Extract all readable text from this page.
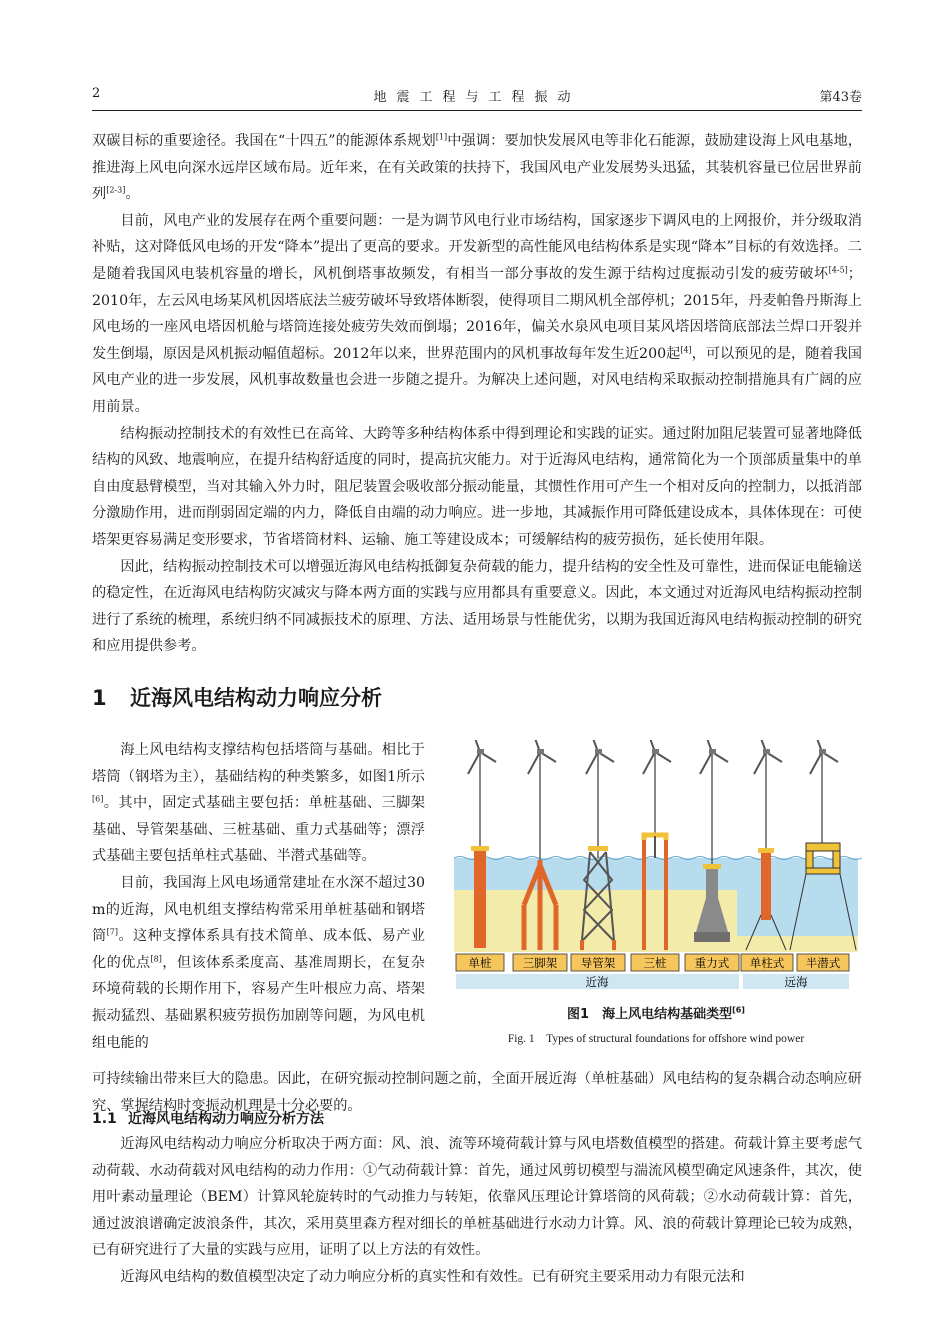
2	地震工程与工程振动	第43卷

双碳目标的重要途径。我国在“十四五”的能源体系规划[1]中强调：要加快发展风电等非化石能源，鼓励建设海上风电基地，推进海上风电向深水远岸区域布局。近年来，在有关政策的扶持下，我国风电产业发展势头迅猛，其装机容量已位居世界前列[2-3]。

目前，风电产业的发展存在两个重要问题：一是为调节风电行业市场结构，国家逐步下调风电的上网报价，并分级取消补贴，这对降低风电场的开发“降本”提出了更高的要求。开发新型的高性能风电结构体系是实现“降本”目标的有效选择。二是随着我国风电装机容量的增长，风机倒塔事故频发，有相当一部分事故的发生源于结构过度振动引发的疲劳破坏[4-5]；2010年，左云风电场某风机因塔底法兰疲劳破坏导致塔体断裂，使得项目二期风机全部停机；2015年，丹麦帕鲁丹斯海上风电场的一座风电塔因机舱与塔筒连接处疲劳失效而倒塌；2016年，偏关水泉风电项目某风塔因塔筒底部法兰焊口开裂并发生倒塌，原因是风机振动幅值超标。2012年以来，世界范围内的风机事故每年发生近200起[4]，可以预见的是，随着我国风电产业的进一步发展，风机事故数量也会进一步随之提升。为解决上述问题，对风电结构采取振动控制措施具有广阔的应用前景。

结构振动控制技术的有效性已在高耸、大跨等多种结构体系中得到理论和实践的证实。通过附加阻尼装置可显著地降低结构的风致、地震响应，在提升结构舒适度的同时，提高抗灾能力。对于近海风电结构，通常简化为一个顶部质量集中的单自由度悬臂模型，当对其输入外力时，阻尼装置会吸收部分振动能量，其惯性作用可产生一个相对反向的控制力，以抵消部分激励作用，进而削弱固定端的内力，降低自由端的动力响应。进一步地，其减振作用可降低建设成本，具体体现在：可使塔架更容易满足变形要求，节省塔筒材料、运输、施工等建设成本；可缓解结构的疲劳损伤，延长使用年限。

因此，结构振动控制技术可以增强近海风电结构抵御复杂荷载的能力，提升结构的安全性及可靠性，进而保证电能输送的稳定性，在近海风电结构防灾减灾与降本两方面的实践与应用都具有重要意义。因此，本文通过对近海风电结构振动控制进行了系统的梳理，系统归纳不同减振技术的原理、方法、适用场景与性能优劣，以期为我国近海风电结构振动控制的研究和应用提供参考。

1 近海风电结构动力响应分析

海上风电结构支撑结构包括塔筒与基础。相比于塔筒（钢塔为主），基础结构的种类繁多，如图1所示[6]。其中，固定式基础主要包括：单桩基础、三脚架基础、导管架基础、三桩基础、重力式基础等；漂浮式基础主要包括单柱式基础、半潜式基础等。

目前，我国海上风电场通常建址在水深不超过30 m的近海，风电机组支撑结构常采用单桩基础和钢塔筒[7]。这种支撑体系具有技术简单、成本低、易产业化的优点[8]，但该体系柔度高、基准周期长，在复杂环境荷载的长期作用下，容易产生叶根应力高、塔架振动猛烈、基础累积疲劳损伤加剧等问题，为风电机组电能的

可持续输出带来巨大的隐患。因此，在研究振动控制问题之前，全面开展近海（单桩基础）风电结构的复杂耦合动态响应研究、掌握结构时变振动机理是十分必要的。

单桩	三脚架 导管架 三桩 重力式 单柱式 半潜式
近海	远海
图1　海上风电结构基础类型[6]
Fig. 1　Types of structural foundations for offshore wind power
1.1 近海风电结构动力响应分析方法

近海风电结构动力响应分析取决于两方面：风、浪、流等环境荷载计算与风电塔数值模型的搭建。荷载计算主要考虑气动荷载、水动荷载对风电结构的动力作用：①气动荷载计算：首先，通过风剪切模型与湍流风模型确定风速条件，其次，使用叶素动量理论（BEM）计算风轮旋转时的气动推力与转矩，依靠风压理论计算塔筒的风荷载；②水动荷载计算：首先，通过波浪谱确定波浪条件，其次，采用莫里森方程对细长的单桩基础进行水动力计算。风、浪的荷载计算理论已较为成熟，已有研究进行了大量的实践与应用，证明了以上方法的有效性。

近海风电结构的数值模型决定了动力响应分析的真实性和有效性。已有研究主要采用动力有限元法和
